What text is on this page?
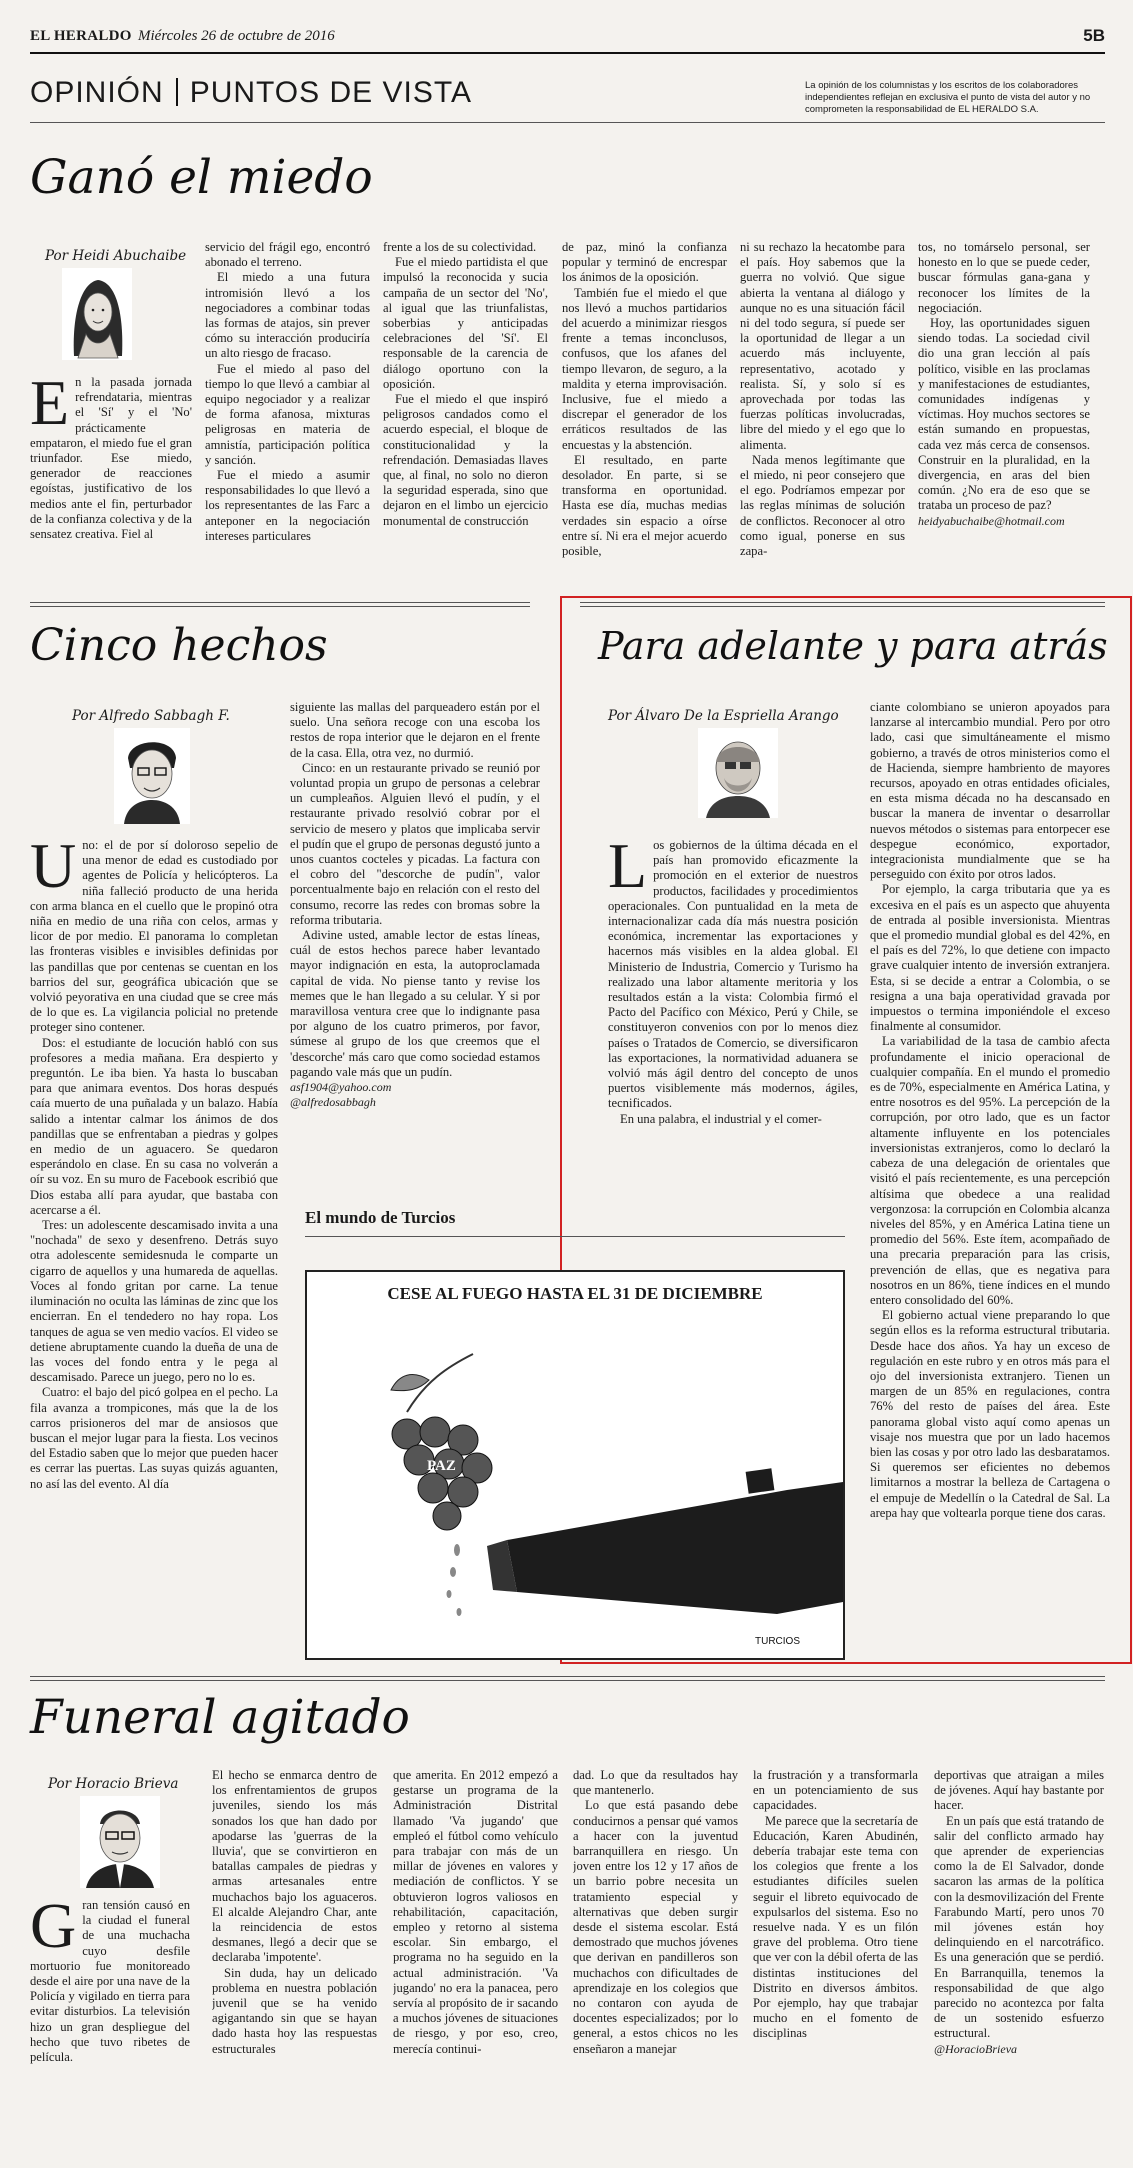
EL HERALDO Miércoles 26 de octubre de 2016	5B
OPINIÓN PUNTOS DE VISTA	La opinión de los columnistas y los escritos de los colaboradores independientes reflejan en exclusiva el punto de vista del autor y no comprometen la responsabilidad de EL HERALDO S.A.
Ganó el miedo
Por Heidi Abuchaibe

En la pasada jornada refrendataria, mientras el 'Sí' y el 'No' prácticamente empataron, el miedo fue el gran triunfador. Ese miedo, generador de reacciones egoístas, justificativo de los medios ante el fin, perturbador de la confianza colectiva y de la sensatez creativa. Fiel al

servicio del frágil ego, encontró abonado el terreno.

El miedo a una futura intromisión llevó a los negociadores a combinar todas las formas de atajos, sin prever cómo su interacción produciría un alto riesgo de fracaso.

Fue el miedo al paso del tiempo lo que llevó a cambiar al equipo negociador y a realizar de forma afanosa, mixturas peligrosas en materia de amnistía, participación política y sanción.

Fue el miedo a asumir responsabilidades lo que llevó a los representantes de las Farc a anteponer en la negociación intereses particulares

frente a los de su colectividad.

Fue el miedo partidista el que impulsó la reconocida y sucia campaña de un sector del 'No', al igual que las triunfalistas, soberbias y anticipadas celebraciones del 'Sí'. El responsable de la carencia de diálogo oportuno con la oposición.

Fue el miedo el que inspiró peligrosos candados como el acuerdo especial, el bloque de constitucionalidad y la refrendación. Demasiadas llaves que, al final, no solo no dieron la seguridad esperada, sino que dejaron en el limbo un ejercicio monumental de construcción

de paz, minó la confianza popular y terminó de encrespar los ánimos de la oposición.

También fue el miedo el que nos llevó a muchos partidarios del acuerdo a minimizar riesgos frente a temas inconclusos, confusos, que los afanes del tiempo llevaron, de seguro, a la maldita y eterna improvisación. Inclusive, fue el miedo a discrepar el generador de los erráticos resultados de las encuestas y la abstención.

El resultado, en parte desolador. En parte, si se transforma en oportunidad. Hasta ese día, muchas medias verdades sin espacio a oírse entre sí. Ni era el mejor acuerdo posible,

ni su rechazo la hecatombe para el país. Hoy sabemos que la guerra no volvió. Que sigue abierta la ventana al diálogo y aunque no es una situación fácil ni del todo segura, sí puede ser la oportunidad de llegar a un acuerdo más incluyente, representativo, acotado y realista. Sí, y solo sí es aprovechada por todas las fuerzas políticas involucradas, libre del miedo y el ego que lo alimenta.

Nada menos legítimante que el miedo, ni peor consejero que el ego. Podríamos empezar por las reglas mínimas de solución de conflictos. Reconocer al otro como igual, ponerse en sus zapa-

tos, no tomárselo personal, ser honesto en lo que se puede ceder, buscar fórmulas gana-gana y reconocer los límites de la negociación.

Hoy, las oportunidades siguen siendo todas. La sociedad civil dio una gran lección al país político, visible en las proclamas y manifestaciones de estudiantes, comunidades indígenas y víctimas. Hoy muchos sectores se están sumando en propuestas, cada vez más cerca de consensos. Construir en la pluralidad, en la divergencia, en aras del bien común. ¿No era de eso que se trataba un proceso de paz?

heidyabuchaibe@hotmail.com

Cinco hechos
Por Alfredo Sabbagh F.

Uno: el de por sí doloroso sepelio de una menor de edad es custodiado por agentes de Policía y helicópteros. La niña falleció producto de una herida con arma blanca en el cuello que le propinó otra niña en medio de una riña con celos, armas y licor de por medio. El panorama lo completan las fronteras visibles e invisibles definidas por las pandillas que por centenas se cuentan en los barrios del sur, geográfica ubicación que se volvió peyorativa en una ciudad que se cree más de lo que es. La vigilancia policial no pretende proteger sino contener.

Dos: el estudiante de locución habló con sus profesores a media mañana. Era despierto y preguntón. Le iba bien. Ya hasta lo buscaban para que animara eventos. Dos horas después caía muerto de una puñalada y un balazo. Había salido a intentar calmar los ánimos de dos pandillas que se enfrentaban a piedras y golpes en medio de un aguacero. Se quedaron esperándolo en clase. En su casa no volverán a oír su voz. En su muro de Facebook escribió que Dios estaba allí para ayudar, que bastaba con acercarse a él.

Tres: un adolescente descamisado invita a una "nochada" de sexo y desenfreno. Detrás suyo otra adolescente semidesnuda le comparte un cigarro de aquellos y una humareda de aquellas. Voces al fondo gritan por carne. La tenue iluminación no oculta las láminas de zinc que los encierran. En el tendedero no hay ropa. Los tanques de agua se ven medio vacíos. El video se detiene abruptamente cuando la dueña de una de las voces del fondo entra y le pega al descamisado. Parece un juego, pero no lo es.

Cuatro: el bajo del picó golpea en el pecho. La fila avanza a trompicones, más que la de los carros prisioneros del mar de ansiosos que buscan el mejor lugar para la fiesta. Los vecinos del Estadio saben que lo mejor que pueden hacer es cerrar las puertas. Las suyas quizás aguanten, no así las del evento. Al día

siguiente las mallas del parqueadero están por el suelo. Una señora recoge con una escoba los restos de ropa interior que le dejaron en el frente de la casa. Ella, otra vez, no durmió.

Cinco: en un restaurante privado se reunió por voluntad propia un grupo de personas a celebrar un cumpleaños. Alguien llevó el pudín, y el restaurante privado resolvió cobrar por el servicio de mesero y platos que implicaba servir el pudín que el grupo de personas degustó junto a unos cuantos cocteles y picadas. La factura con el cobro del "descorche de pudín", valor porcentualmente bajo en relación con el resto del consumo, recorre las redes con bromas sobre la reforma tributaria.

Adivine usted, amable lector de estas líneas, cuál de estos hechos parece haber levantado mayor indignación en esta, la autoproclamada capital de vida. No piense tanto y revise los memes que le han llegado a su celular. Y si por maravillosa ventura cree que lo indignante pasa por alguno de los cuatro primeros, por favor, súmese al grupo de los que creemos que el 'descorche' más caro que como sociedad estamos pagando vale más que un pudín.

asf1904@yahoo.com

@alfredosabbagh

Para adelante y para atrás
Por Álvaro De la Espriella Arango

Los gobiernos de la última década en el país han promovido eficazmente la promoción en el exterior de nuestros productos, facilidades y procedimientos operacionales. Con puntualidad en la meta de internacionalizar cada día más nuestra posición económica, incrementar las exportaciones y hacernos más visibles en la aldea global. El Ministerio de Industria, Comercio y Turismo ha realizado una labor altamente meritoria y los resultados están a la vista: Colombia firmó el Pacto del Pacífico con México, Perú y Chile, se constituyeron convenios con por lo menos diez países o Tratados de Comercio, se diversificaron las exportaciones, la normatividad aduanera se volvió más ágil dentro del concepto de unos puertos visiblemente más modernos, ágiles, tecnificados.

En una palabra, el industrial y el comer-

ciante colombiano se unieron apoyados para lanzarse al intercambio mundial. Pero por otro lado, casi que simultáneamente el mismo gobierno, a través de otros ministerios como el de Hacienda, siempre hambriento de mayores recursos, apoyado en otras entidades oficiales, en esta misma década no ha descansado en buscar la manera de inventar o desarrollar nuevos métodos o sistemas para entorpecer ese despegue económico, exportador, integracionista mundialmente que se ha perseguido con éxito por otros lados.

Por ejemplo, la carga tributaria que ya es excesiva en el país es un aspecto que ahuyenta de entrada al posible inversionista. Mientras que el promedio mundial global es del 42%, en el país es del 72%, lo que detiene con impacto grave cualquier intento de inversión extranjera. Esta, si se decide a entrar a Colombia, o se resigna a una baja operatividad gravada por impuestos o termina imponiéndole el exceso finalmente al consumidor.

La variabilidad de la tasa de cambio afecta profundamente el inicio operacional de cualquier compañía. En el mundo el promedio es de 70%, especialmente en América Latina, y entre nosotros es del 95%. La percepción de la corrupción, por otro lado, que es un factor altamente influyente en los potenciales inversionistas extranjeros, como lo declaró la cabeza de una delegación de orientales que visitó el país recientemente, es una percepción altísima que obedece a una realidad vergonzosa: la corrupción en Colombia alcanza niveles del 85%, y en América Latina tiene un promedio del 56%. Este ítem, acompañado de una precaria preparación para las crisis, prevención de ellas, que es negativa para nosotros en un 86%, tiene índices en el mundo entero consolidado del 60%.

El gobierno actual viene preparando lo que según ellos es la reforma estructural tributaria. Desde hace dos años. Ya hay un exceso de regulación en este rubro y en otros más para el ojo del inversionista extranjero. Tienen un margen de un 85% en regulaciones, contra 76% del resto de países del área. Este panorama global visto aquí como apenas un visaje nos muestra que por un lado hacemos bien las cosas y por otro lado las desbaratamos. Si queremos ser eficientes no debemos limitarnos a mostrar la belleza de Cartagena o el empuje de Medellín o la Catedral de Sal. La arepa hay que voltearla porque tiene dos caras.

El mundo de Turcios
CESE AL FUEGO HASTA EL 31 DE DICIEMBRE
PAZ
TURCIOS
Funeral agitado
Por Horacio Brieva

Gran tensión causó en la ciudad el funeral de una muchacha cuyo desfile mortuorio fue monitoreado desde el aire por una nave de la Policía y vigilado en tierra para evitar disturbios. La televisión hizo un gran despliegue del hecho que tuvo ribetes de película.

El hecho se enmarca dentro de los enfrentamientos de grupos juveniles, siendo los más sonados los que han dado por apodarse las 'guerras de la lluvia', que se convirtieron en batallas campales de piedras y armas artesanales entre muchachos bajo los aguaceros. El alcalde Alejandro Char, ante la reincidencia de estos desmanes, llegó a decir que se declaraba 'impotente'.

Sin duda, hay un delicado problema en nuestra población juvenil que se ha venido agigantando sin que se hayan dado hasta hoy las respuestas estructurales

que amerita. En 2012 empezó a gestarse un programa de la Administración Distrital llamado 'Va jugando' que empleó el fútbol como vehículo para trabajar con más de un millar de jóvenes en valores y mediación de conflictos. Y se obtuvieron logros valiosos en rehabilitación, capacitación, empleo y retorno al sistema escolar. Sin embargo, el programa no ha seguido en la actual administración. 'Va jugando' no era la panacea, pero servía al propósito de ir sacando a muchos jóvenes de situaciones de riesgo, y por eso, creo, merecía continui-

dad. Lo que da resultados hay que mantenerlo.

Lo que está pasando debe conducirnos a pensar qué vamos a hacer con la juventud barranquillera en riesgo. Un joven entre los 12 y 17 años de un barrio pobre necesita un tratamiento especial y alternativas que deben surgir desde el sistema escolar. Está demostrado que muchos jóvenes que derivan en pandilleros son muchachos con dificultades de aprendizaje en los colegios que no contaron con ayuda de docentes especializados; por lo general, a estos chicos no les enseñaron a manejar

la frustración y a transformarla en un potenciamiento de sus capacidades.

Me parece que la secretaría de Educación, Karen Abudinén, debería trabajar este tema con los colegios que frente a los estudiantes difíciles suelen seguir el libreto equivocado de expulsarlos del sistema. Eso no resuelve nada. Y es un filón grave del problema. Otro tiene que ver con la débil oferta de las distintas instituciones del Distrito en diversos ámbitos. Por ejemplo, hay que trabajar mucho en el fomento de disciplinas

deportivas que atraigan a miles de jóvenes. Aquí hay bastante por hacer.

En un país que está tratando de salir del conflicto armado hay que aprender de experiencias como la de El Salvador, donde sacaron las armas de la política con la desmovilización del Frente Farabundo Martí, pero unos 70 mil jóvenes están hoy delinquiendo en el narcotráfico. Es una generación que se perdió. En Barranquilla, tenemos la responsabilidad de que algo parecido no acontezca por falta de un sostenido esfuerzo estructural.

@HoracioBrieva
